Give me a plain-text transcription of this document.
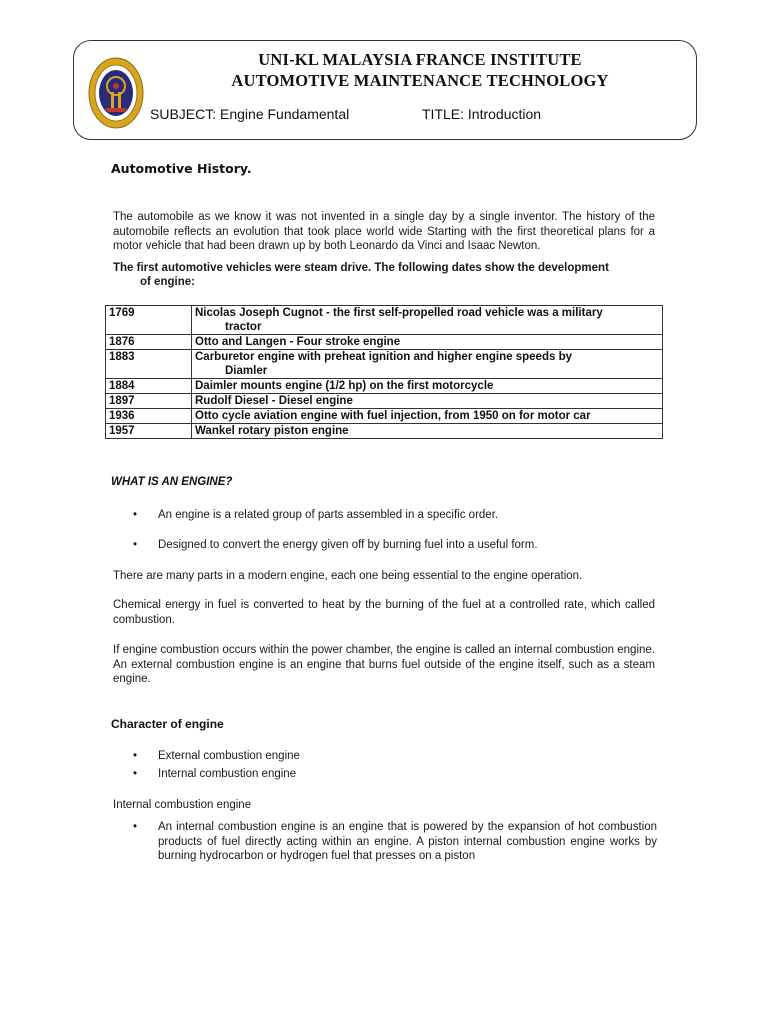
UNI-KL MALAYSIA FRANCE INSTITUTE
AUTOMOTIVE MAINTENANCE TECHNOLOGY
SUBJECT: Engine Fundamental	TITLE: Introduction
Automotive History.
The automobile as we know it was not invented in a single day by a single inventor. The history of the automobile reflects an evolution that took place world wide Starting with the first theoretical plans for a motor vehicle that had been drawn up by both Leonardo da Vinci and Isaac Newton.
The first automotive vehicles were steam drive. The following dates show the development
of engine:
1769	Nicolas Joseph Cugnot - the first self-propelled road vehicle was a military
tractor

1876	Otto and Langen - Four stroke engine
1883	Carburetor engine with preheat ignition and higher engine speeds by
Diamler

1884	Daimler mounts engine (1/2 hp) on the first motorcycle
1897	Rudolf Diesel - Diesel engine
1936	Otto cycle aviation engine with fuel injection, from 1950 on for motor car
1957	Wankel rotary piston engine
WHAT IS AN ENGINE?
•	An engine is a related group of parts assembled in a specific order.
•	Designed to convert the energy given off by burning fuel into a useful form.
There are many parts in a modern engine, each one being essential to the engine operation.
Chemical energy in fuel is converted to heat by the burning of the fuel at a controlled rate, which called combustion.
If engine combustion occurs within the power chamber, the engine is called an internal combustion engine. An external combustion engine is an engine that burns fuel outside of the engine itself, such as a steam engine.
Character of engine
•	External combustion engine
•	Internal combustion engine
Internal combustion engine
•	An internal combustion engine is an engine that is powered by the expansion of hot combustion products of fuel directly acting within an engine. A piston internal combustion engine works by burning hydrocarbon or hydrogen fuel that presses on a piston
